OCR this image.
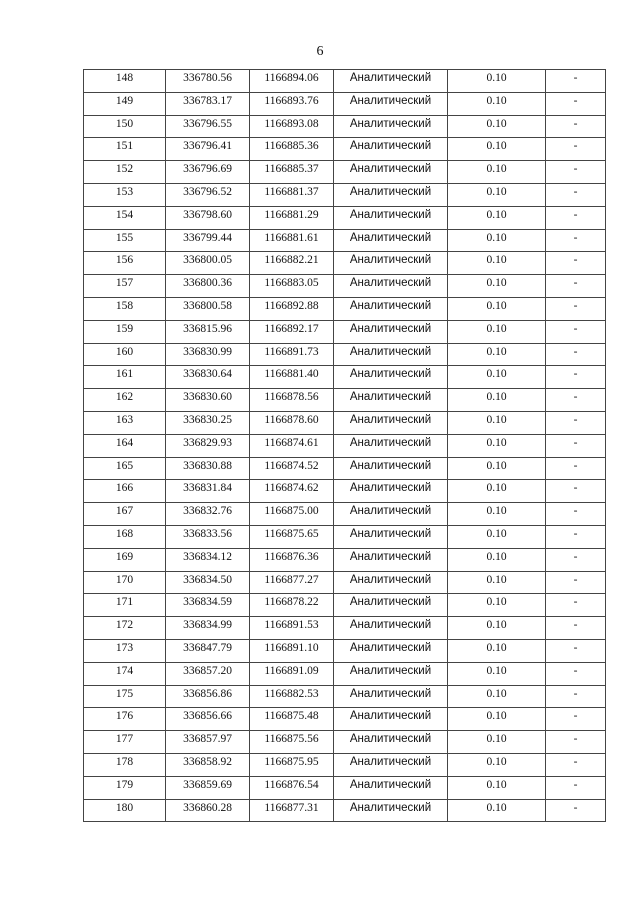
6
148	336780.56	1166894.06	Аналитический	0.10	-
149	336783.17	1166893.76	Аналитический	0.10	-
150	336796.55	1166893.08	Аналитический	0.10	-
151	336796.41	1166885.36	Аналитический	0.10	-
152	336796.69	1166885.37	Аналитический	0.10	-
153	336796.52	1166881.37	Аналитический	0.10	-
154	336798.60	1166881.29	Аналитический	0.10	-
155	336799.44	1166881.61	Аналитический	0.10	-
156	336800.05	1166882.21	Аналитический	0.10	-
157	336800.36	1166883.05	Аналитический	0.10	-
158	336800.58	1166892.88	Аналитический	0.10	-
159	336815.96	1166892.17	Аналитический	0.10	-
160	336830.99	1166891.73	Аналитический	0.10	-
161	336830.64	1166881.40	Аналитический	0.10	-
162	336830.60	1166878.56	Аналитический	0.10	-
163	336830.25	1166878.60	Аналитический	0.10	-
164	336829.93	1166874.61	Аналитический	0.10	-
165	336830.88	1166874.52	Аналитический	0.10	-
166	336831.84	1166874.62	Аналитический	0.10	-
167	336832.76	1166875.00	Аналитический	0.10	-
168	336833.56	1166875.65	Аналитический	0.10	-
169	336834.12	1166876.36	Аналитический	0.10	-
170	336834.50	1166877.27	Аналитический	0.10	-
171	336834.59	1166878.22	Аналитический	0.10	-
172	336834.99	1166891.53	Аналитический	0.10	-
173	336847.79	1166891.10	Аналитический	0.10	-
174	336857.20	1166891.09	Аналитический	0.10	-
175	336856.86	1166882.53	Аналитический	0.10	-
176	336856.66	1166875.48	Аналитический	0.10	-
177	336857.97	1166875.56	Аналитический	0.10	-
178	336858.92	1166875.95	Аналитический	0.10	-
179	336859.69	1166876.54	Аналитический	0.10	-
180	336860.28	1166877.31	Аналитический	0.10	-
